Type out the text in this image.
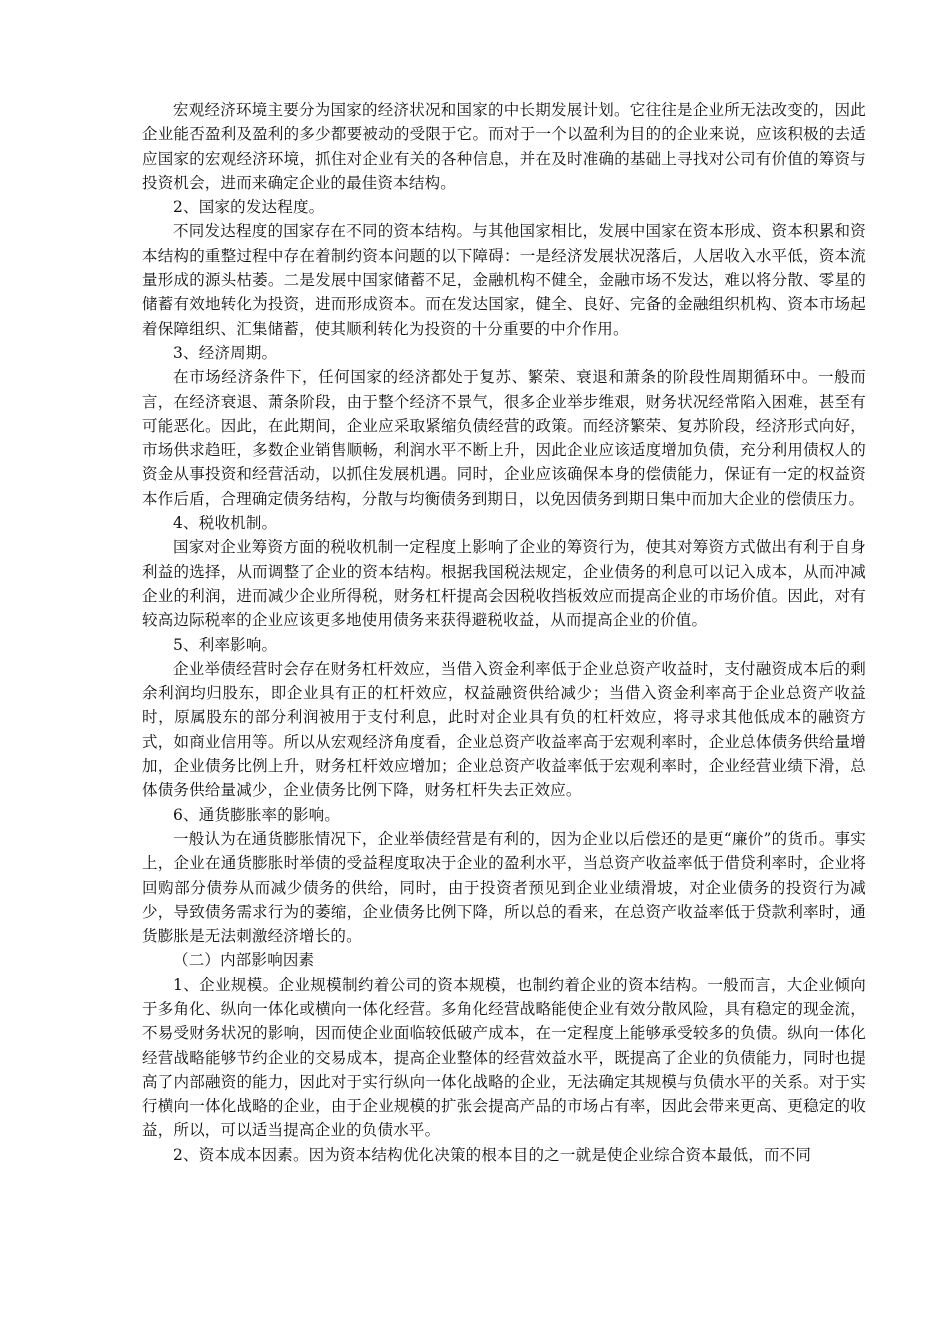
宏观经济环境主要分为国家的经济状况和国家的中长期发展计划。它往往是企业所无法改变的，因此企业能否盈利及盈利的多少都要被动的受限于它。而对于一个以盈利为目的的企业来说，应该积极的去适应国家的宏观经济环境，抓住对企业有关的各种信息，并在及时准确的基础上寻找对公司有价值的筹资与投资机会，进而来确定企业的最佳资本结构。

2、国家的发达程度。

不同发达程度的国家存在不同的资本结构。与其他国家相比，发展中国家在资本形成、资本积累和资本结构的重整过程中存在着制约资本问题的以下障碍：一是经济发展状况落后，人居收入水平低，资本流量形成的源头枯萎。二是发展中国家储蓄不足，金融机构不健全，金融市场不发达，难以将分散、零星的储蓄有效地转化为投资，进而形成资本。而在发达国家，健全、良好、完备的金融组织机构、资本市场起着保障组织、汇集储蓄，使其顺利转化为投资的十分重要的中介作用。

3、经济周期。

在市场经济条件下，任何国家的经济都处于复苏、繁荣、衰退和萧条的阶段性周期循环中。一般而言，在经济衰退、萧条阶段，由于整个经济不景气，很多企业举步维艰，财务状况经常陷入困难，甚至有可能恶化。因此，在此期间，企业应采取紧缩负债经营的政策。而经济繁荣、复苏阶段，经济形式向好，市场供求趋旺，多数企业销售顺畅，利润水平不断上升，因此企业应该适度增加负债，充分利用债权人的资金从事投资和经营活动，以抓住发展机遇。同时，企业应该确保本身的偿债能力，保证有一定的权益资本作后盾，合理确定债务结构，分散与均衡债务到期日，以免因债务到期日集中而加大企业的偿债压力。

4、税收机制。

国家对企业筹资方面的税收机制一定程度上影响了企业的筹资行为，使其对筹资方式做出有利于自身利益的选择，从而调整了企业的资本结构。根据我国税法规定，企业债务的利息可以记入成本，从而冲减企业的利润，进而减少企业所得税，财务杠杆提高会因税收挡板效应而提高企业的市场价值。因此，对有较高边际税率的企业应该更多地使用债务来获得避税收益，从而提高企业的价值。

5、利率影响。

企业举债经营时会存在财务杠杆效应，当借入资金利率低于企业总资产收益时，支付融资成本后的剩余利润均归股东，即企业具有正的杠杆效应，权益融资供给减少；当借入资金利率高于企业总资产收益时，原属股东的部分利润被用于支付利息，此时对企业具有负的杠杆效应，将寻求其他低成本的融资方式，如商业信用等。所以从宏观经济角度看，企业总资产收益率高于宏观利率时，企业总体债务供给量增加，企业债务比例上升，财务杠杆效应增加；企业总资产收益率低于宏观利率时，企业经营业绩下滑，总体债务供给量减少，企业债务比例下降，财务杠杆失去正效应。

6、通货膨胀率的影响。

一般认为在通货膨胀情况下，企业举债经营是有利的，因为企业以后偿还的是更“廉价”的货币。事实上，企业在通货膨胀时举债的受益程度取决于企业的盈利水平，当总资产收益率低于借贷利率时，企业将回购部分债券从而减少债务的供给，同时，由于投资者预见到企业业绩滑坡，对企业债务的投资行为减少，导致债务需求行为的萎缩，企业债务比例下降，所以总的看来，在总资产收益率低于贷款利率时，通货膨胀是无法刺激经济增长的。

（二）内部影响因素

1、企业规模。企业规模制约着公司的资本规模，也制约着企业的资本结构。一般而言，大企业倾向于多角化、纵向一体化或横向一体化经营。多角化经营战略能使企业有效分散风险，具有稳定的现金流，不易受财务状况的影响，因而使企业面临较低破产成本，在一定程度上能够承受较多的负债。纵向一体化经营战略能够节约企业的交易成本，提高企业整体的经营效益水平，既提高了企业的负债能力，同时也提高了内部融资的能力，因此对于实行纵向一体化战略的企业，无法确定其规模与负债水平的关系。对于实行横向一体化战略的企业，由于企业规模的扩张会提高产品的市场占有率，因此会带来更高、更稳定的收益，所以，可以适当提高企业的负债水平。

2、资本成本因素。因为资本结构优化决策的根本目的之一就是使企业综合资本最低，而不同
